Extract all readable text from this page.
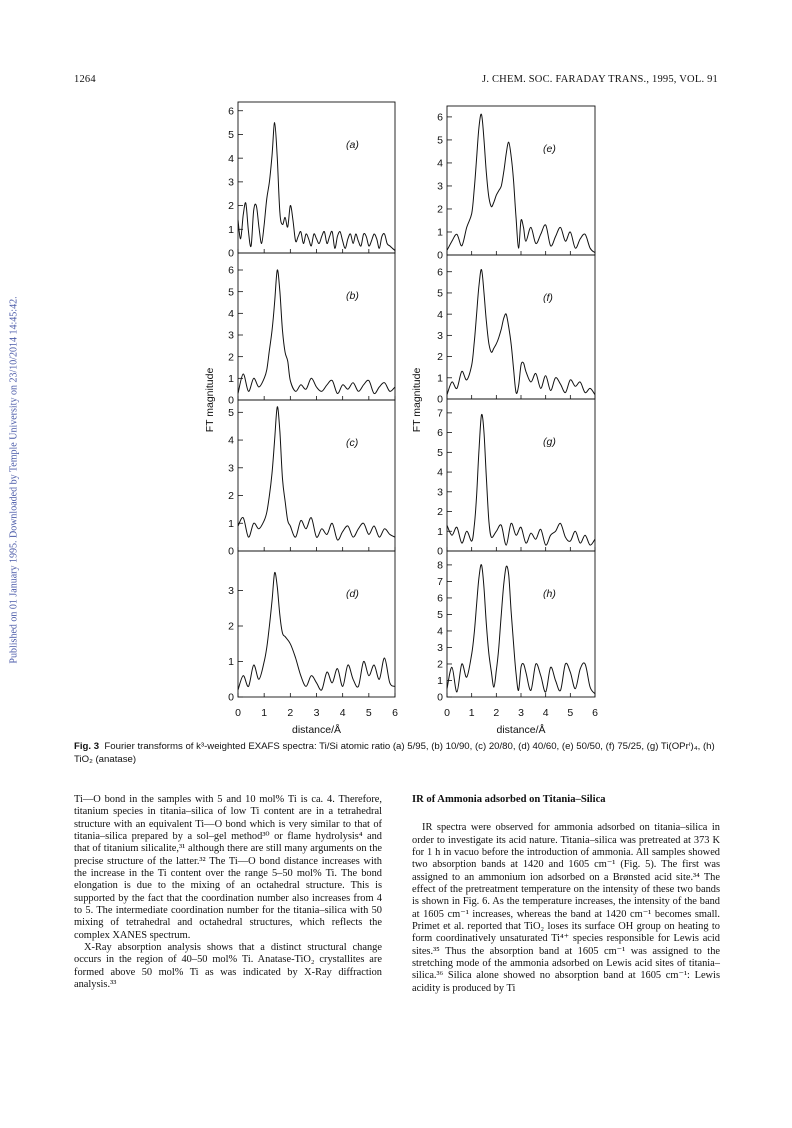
1264	J. CHEM. SOC. FARADAY TRANS., 1995, VOL. 91
Published on 01 January 1995. Downloaded by Temple University on 23/10/2014 14:45:42.
0
1
2
3
4
5
6
(a)
0
1
2
3
4
5
6
(b)
0
1
2
3
4
5
(c)
0
1
2
3	(d)
0
1
2
3
4
5
6
(e)
0
1
2
3
4
5
6
(f)
0
1
2
3
4
5
6
7
(g)
0
1
2
3
4
5
6
7
8
(h)
0 1 2 3 4 5 6
distance/Å
0 1 2 3 4 5 6
distance/Å
FT magnitude	FT magnitude
Fig. 3 Fourier transforms of k³-weighted EXAFS spectra: Ti/Si atomic ratio (a) 5/95, (b) 10/90, (c) 20/80, (d) 40/60, (e) 50/50, (f) 75/25, (g) Ti(OPrⁱ)₄, (h) TiO₂ (anatase)

Ti—O bond in the samples with 5 and 10 mol% Ti is ca. 4. Therefore, titanium species in titania–silica of low Ti content are in a tetrahedral structure with an equivalent Ti—O bond which is very similar to that of titania–silica prepared by a sol–gel method³⁰ or flame hydrolysis⁴ and that of titanium silicalite,³¹ although there are still many arguments on the precise structure of the latter.³² The Ti—O bond distance increases with the increase in the Ti content over the range 5–50 mol% Ti. The bond elongation is due to the mixing of an octahedral structure. This is supported by the fact that the coordination number also increases from 4 to 5. The intermediate coordination number for the titania–silica with 50 mixing of tetrahedral and octahedral structures, which reflects the complex XANES spectrum.

X-Ray absorption analysis shows that a distinct structural change occurs in the region of 40–50 mol% Ti. Anatase-TiO₂ crystallites are formed above 50 mol% Ti as was indicated by X-Ray diffraction analysis.³³

IR of Ammonia adsorbed on Titania–Silica

IR spectra were observed for ammonia adsorbed on titania–silica in order to investigate its acid nature. Titania–silica was pretreated at 373 K for 1 h in vacuo before the introduction of ammonia. All samples showed two absorption bands at 1420 and 1605 cm⁻¹ (Fig. 5). The first was assigned to an ammonium ion adsorbed on a Brønsted acid site.³⁴ The effect of the pretreatment temperature on the intensity of these two bands is shown in Fig. 6. As the temperature increases, the intensity of the band at 1605 cm⁻¹ increases, whereas the band at 1420 cm⁻¹ becomes small. Primet et al. reported that TiO₂ loses its surface OH group on heating to form coordinatively unsaturated Ti⁴⁺ species responsible for Lewis acid sites.³⁵ Thus the absorption band at 1605 cm⁻¹ was assigned to the stretching mode of the ammonia adsorbed on Lewis acid sites of titania–silica.³⁶ Silica alone showed no absorption band at 1605 cm⁻¹: Lewis acidity is produced by Ti
